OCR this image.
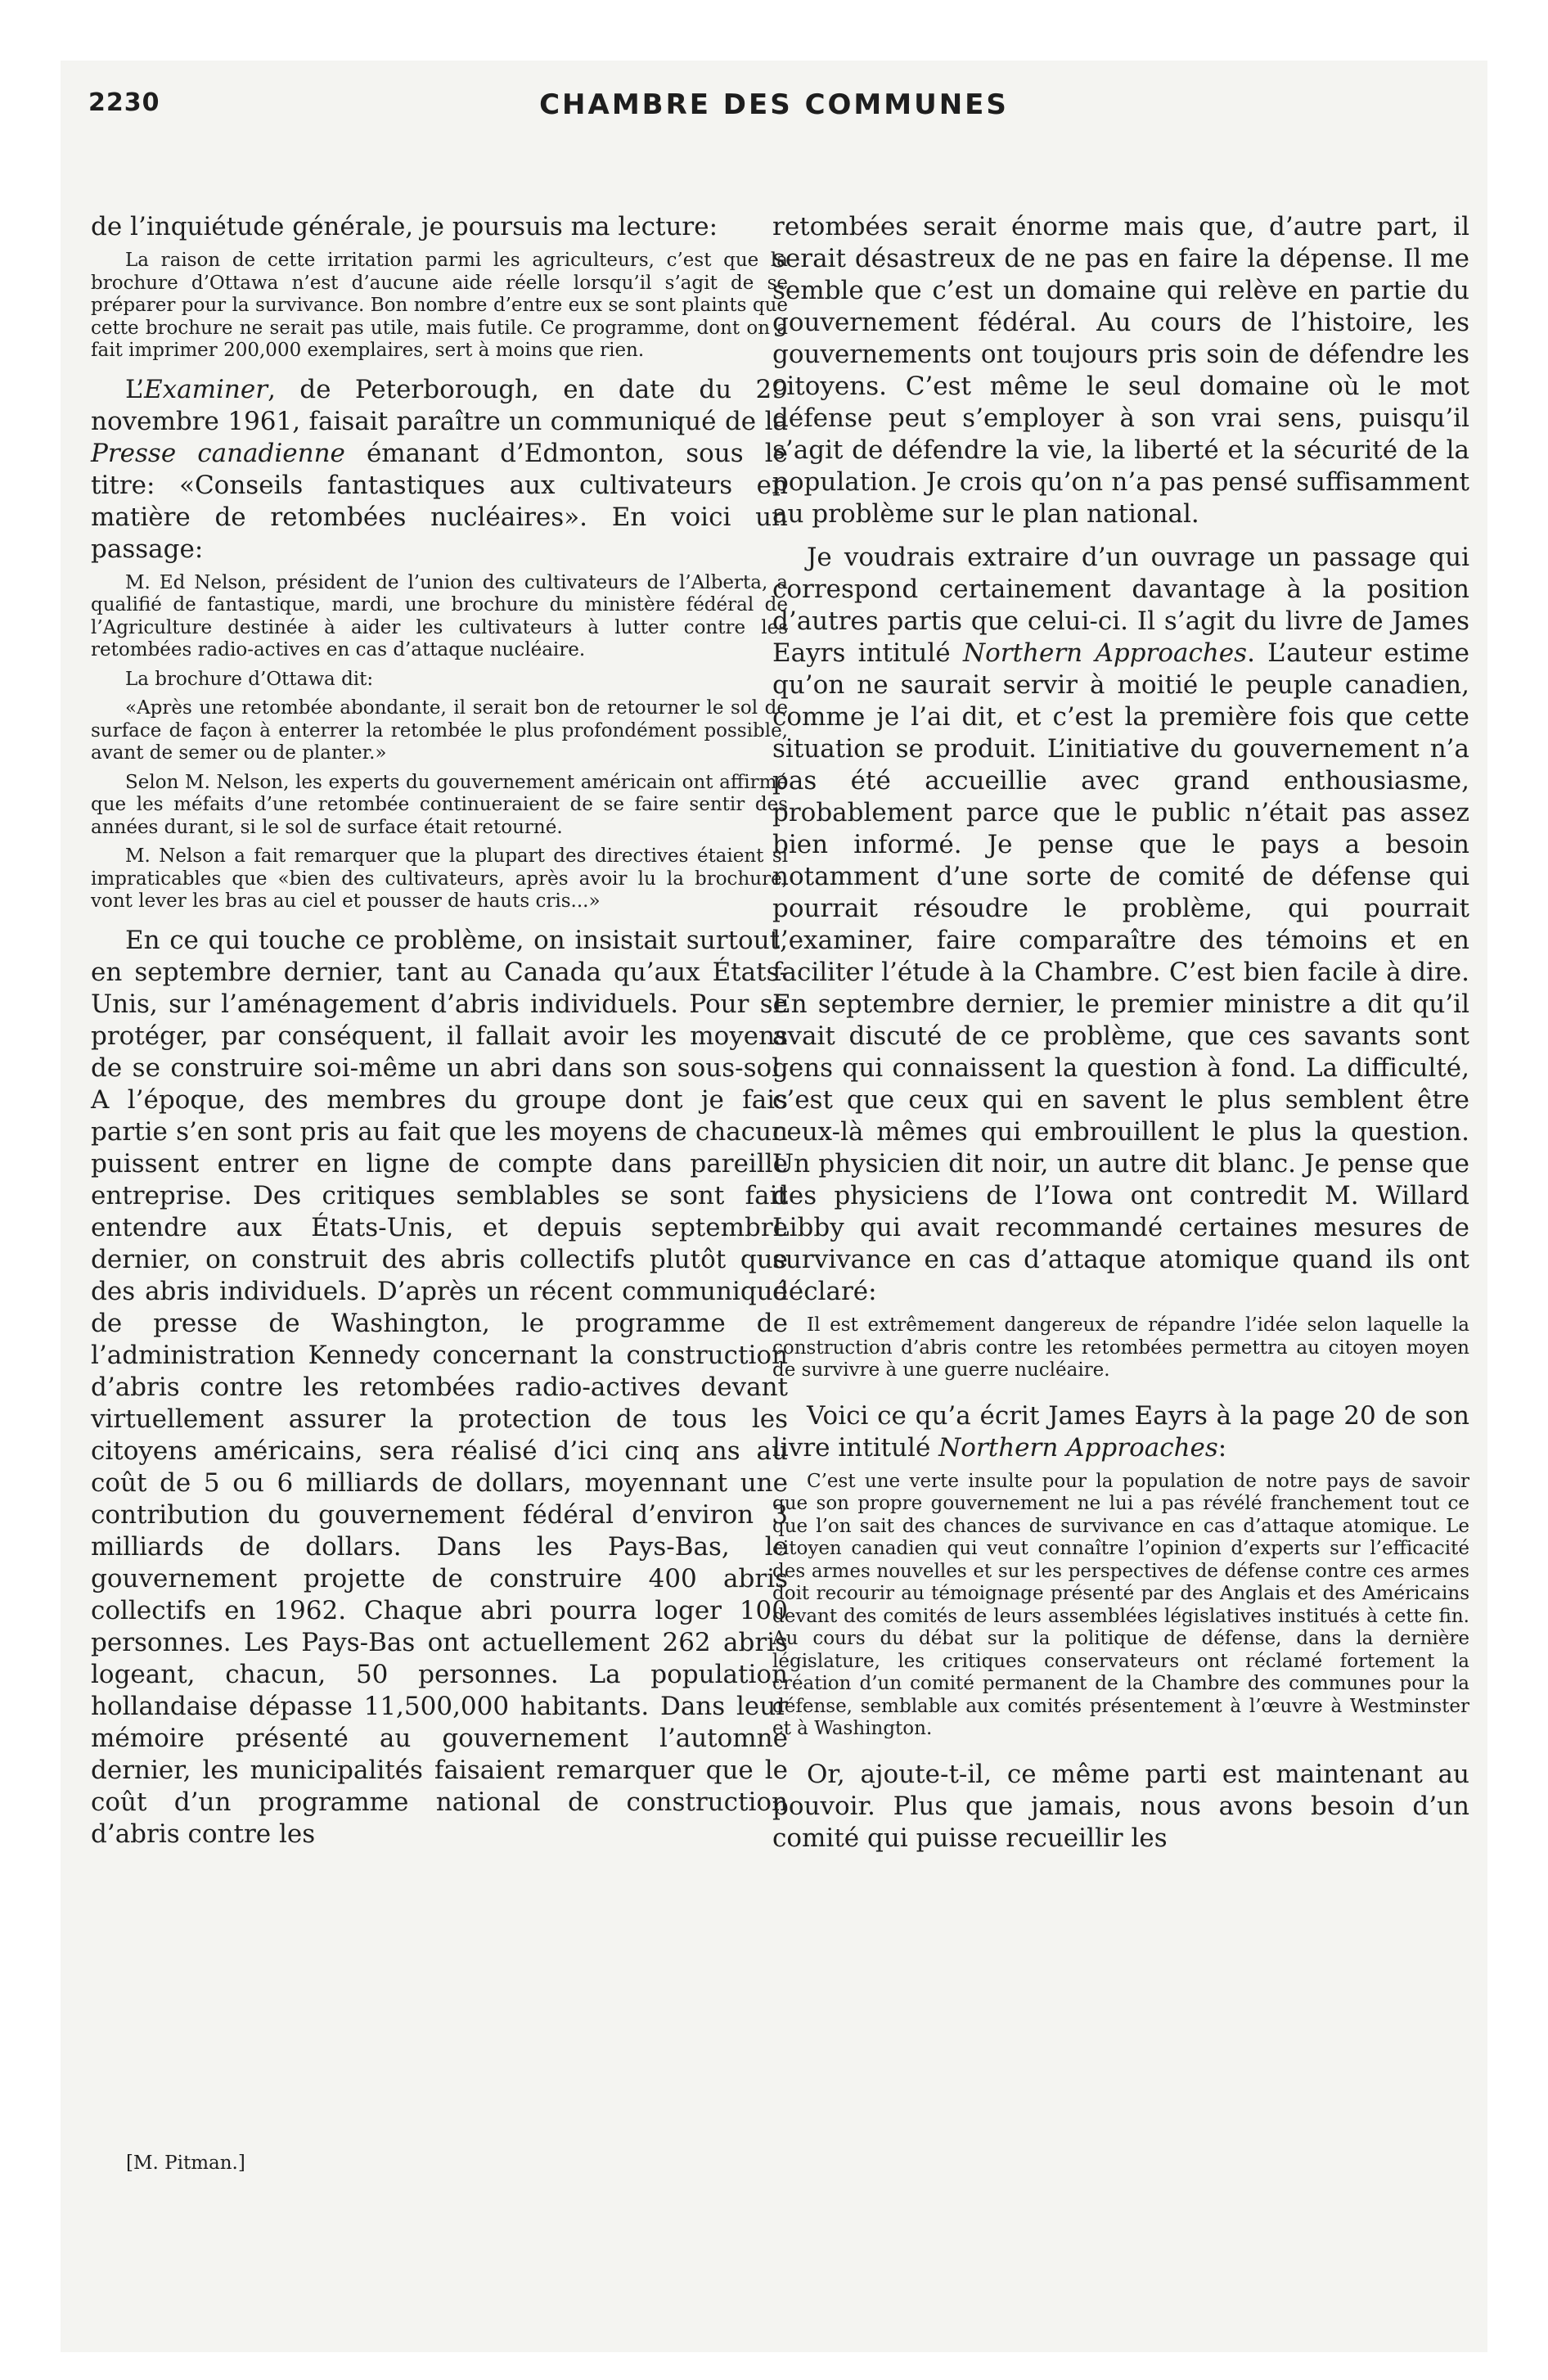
2230	CHAMBRE DES COMMUNES

de l’inquiétude générale, je poursuis ma lecture:

La raison de cette irritation parmi les agriculteurs, c’est que la brochure d’Ottawa n’est d’aucune aide réelle lorsqu’il s’agit de se préparer pour la survivance. Bon nombre d’entre eux se sont plaints que cette brochure ne serait pas utile, mais futile. Ce programme, dont on a fait imprimer 200,000 exemplaires, sert à moins que rien.

L’Examiner, de Peterborough, en date du 29 novembre 1961, faisait paraître un communiqué de la Presse canadienne émanant d’Edmonton, sous le titre: «Conseils fantastiques aux cultivateurs en matière de retombées nucléaires». En voici un passage:

M. Ed Nelson, président de l’union des cultivateurs de l’Alberta, a qualifié de fantastique, mardi, une brochure du ministère fédéral de l’Agriculture destinée à aider les cultivateurs à lutter contre les retombées radio-actives en cas d’attaque nucléaire.

La brochure d’Ottawa dit:

«Après une retombée abondante, il serait bon de retourner le sol de surface de façon à enterrer la retombée le plus profondément possible, avant de semer ou de planter.»

Selon M. Nelson, les experts du gouvernement américain ont affirmé que les méfaits d’une retombée continueraient de se faire sentir des années durant, si le sol de surface était retourné.

M. Nelson a fait remarquer que la plupart des directives étaient si impraticables que «bien des cultivateurs, après avoir lu la brochure, vont lever les bras au ciel et pousser de hauts cris...»

En ce qui touche ce problème, on insistait surtout, en septembre dernier, tant au Canada qu’aux États-Unis, sur l’aménagement d’abris individuels. Pour se protéger, par conséquent, il fallait avoir les moyens de se construire soi-même un abri dans son sous-sol. A l’époque, des membres du groupe dont je fais partie s’en sont pris au fait que les moyens de chacun puissent entrer en ligne de compte dans pareille entreprise. Des critiques semblables se sont fait entendre aux États-Unis, et depuis septembre dernier, on construit des abris collectifs plutôt que des abris individuels. D’après un récent communiqué de presse de Washington, le programme de l’administration Kennedy concernant la construction d’abris contre les retombées radio-actives devant virtuellement assurer la protection de tous les citoyens américains, sera réalisé d’ici cinq ans au coût de 5 ou 6 milliards de dollars, moyennant une contribution du gouvernement fédéral d’environ 3 milliards de dollars. Dans les Pays-Bas, le gouvernement projette de construire 400 abris collectifs en 1962. Chaque abri pourra loger 100 personnes. Les Pays-Bas ont actuellement 262 abris logeant, chacun, 50 personnes. La population hollandaise dépasse 11,500,000 habitants. Dans leur mémoire présenté au gouvernement l’automne dernier, les municipalités faisaient remarquer que le coût d’un programme national de construction d’abris contre les

[M. Pitman.]

retombées serait énorme mais que, d’autre part, il serait désastreux de ne pas en faire la dépense. Il me semble que c’est un domaine qui relève en partie du gouvernement fédéral. Au cours de l’histoire, les gouvernements ont toujours pris soin de défendre les citoyens. C’est même le seul domaine où le mot défense peut s’employer à son vrai sens, puisqu’il s’agit de défendre la vie, la liberté et la sécurité de la population. Je crois qu’on n’a pas pensé suffisamment au problème sur le plan national.

Je voudrais extraire d’un ouvrage un passage qui correspond certainement davantage à la position d’autres partis que celui-ci. Il s’agit du livre de James Eayrs intitulé Northern Approaches. L’auteur estime qu’on ne saurait servir à moitié le peuple canadien, comme je l’ai dit, et c’est la première fois que cette situation se produit. L’initiative du gouvernement n’a pas été accueillie avec grand enthousiasme, probablement parce que le public n’était pas assez bien informé. Je pense que le pays a besoin notamment d’une sorte de comité de défense qui pourrait résoudre le problème, qui pourrait l’examiner, faire comparaître des témoins et en faciliter l’étude à la Chambre. C’est bien facile à dire. En septembre dernier, le premier ministre a dit qu’il avait discuté de ce problème, que ces savants sont gens qui connaissent la question à fond. La difficulté, c’est que ceux qui en savent le plus semblent être ceux-là mêmes qui embrouillent le plus la question. Un physicien dit noir, un autre dit blanc. Je pense que des physiciens de l’Iowa ont contredit M. Willard Libby qui avait recommandé certaines mesures de survivance en cas d’attaque atomique quand ils ont déclaré:

Il est extrêmement dangereux de répandre l’idée selon laquelle la construction d’abris contre les retombées permettra au citoyen moyen de survivre à une guerre nucléaire.

Voici ce qu’a écrit James Eayrs à la page 20 de son livre intitulé Northern Approaches:

C’est une verte insulte pour la population de notre pays de savoir que son propre gouvernement ne lui a pas révélé franchement tout ce que l’on sait des chances de survivance en cas d’attaque atomique. Le citoyen canadien qui veut connaître l’opinion d’experts sur l’efficacité des armes nouvelles et sur les perspectives de défense contre ces armes doit recourir au témoignage présenté par des Anglais et des Américains devant des comités de leurs assemblées législatives institués à cette fin. Au cours du débat sur la politique de défense, dans la dernière législature, les critiques conservateurs ont réclamé fortement la création d’un comité permanent de la Chambre des communes pour la défense, semblable aux comités présentement à l’œuvre à Westminster et à Washington.

Or, ajoute-t-il, ce même parti est maintenant au pouvoir. Plus que jamais, nous avons besoin d’un comité qui puisse recueillir les
